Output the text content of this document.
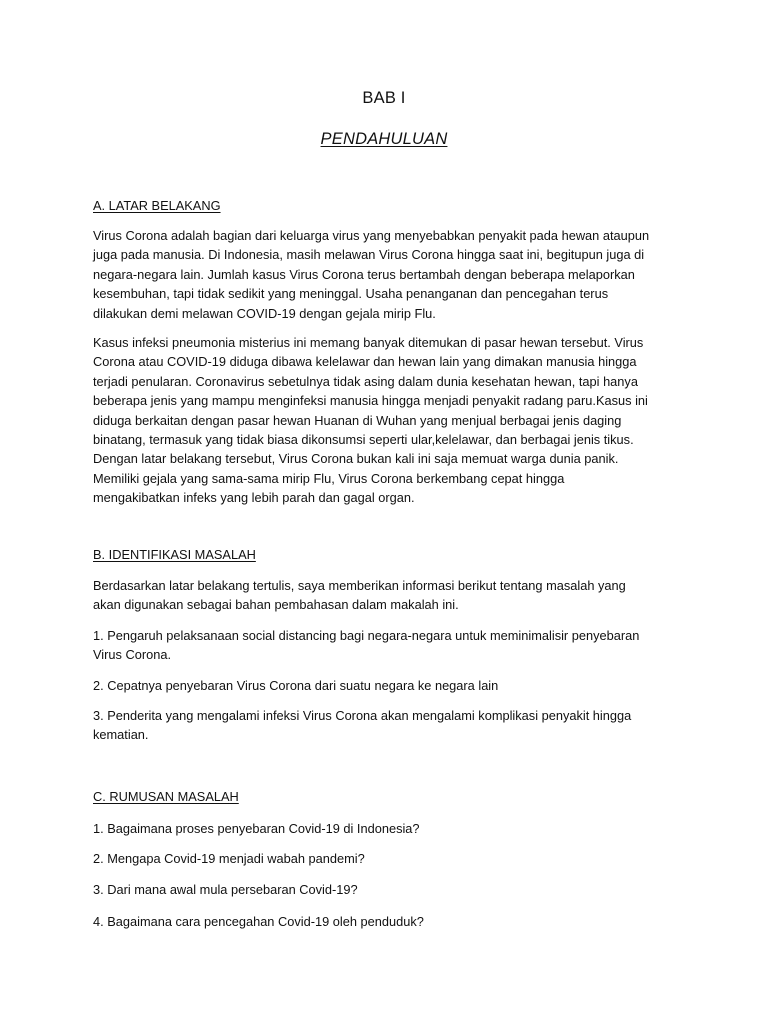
BAB I
PENDAHULUAN
A. LATAR BELAKANG

Virus Corona adalah bagian dari keluarga virus yang menyebabkan penyakit pada hewan ataupun
juga pada manusia. Di Indonesia, masih melawan Virus Corona hingga saat ini, begitupun juga di
negara-negara lain. Jumlah kasus Virus Corona terus bertambah dengan beberapa melaporkan
kesembuhan, tapi tidak sedikit yang meninggal. Usaha penanganan dan pencegahan terus
dilakukan demi melawan COVID-19 dengan gejala mirip Flu.

Kasus infeksi pneumonia misterius ini memang banyak ditemukan di pasar hewan tersebut. Virus
Corona atau COVID-19 diduga dibawa kelelawar dan hewan lain yang dimakan manusia hingga
terjadi penularan. Coronavirus sebetulnya tidak asing dalam dunia kesehatan hewan, tapi hanya
beberapa jenis yang mampu menginfeksi manusia hingga menjadi penyakit radang paru.Kasus ini
diduga berkaitan dengan pasar hewan Huanan di Wuhan yang menjual berbagai jenis daging
binatang, termasuk yang tidak biasa dikonsumsi seperti ular,kelelawar, dan berbagai jenis tikus.
Dengan latar belakang tersebut, Virus Corona bukan kali ini saja memuat warga dunia panik.
Memiliki gejala yang sama-sama mirip Flu, Virus Corona berkembang cepat hingga
mengakibatkan infeks yang lebih parah dan gagal organ.

B. IDENTIFIKASI MASALAH

Berdasarkan latar belakang tertulis, saya memberikan informasi berikut tentang masalah yang
akan digunakan sebagai bahan pembahasan dalam makalah ini.

1. Pengaruh pelaksanaan social distancing bagi negara-negara untuk meminimalisir penyebaran
Virus Corona.

2. Cepatnya penyebaran Virus Corona dari suatu negara ke negara lain

3. Penderita yang mengalami infeksi Virus Corona akan mengalami komplikasi penyakit hingga
kematian.

C. RUMUSAN MASALAH

1. Bagaimana proses penyebaran Covid-19 di Indonesia?

2. Mengapa Covid-19 menjadi wabah pandemi?

3. Dari mana awal mula persebaran Covid-19?

4. Bagaimana cara pencegahan Covid-19 oleh penduduk?
